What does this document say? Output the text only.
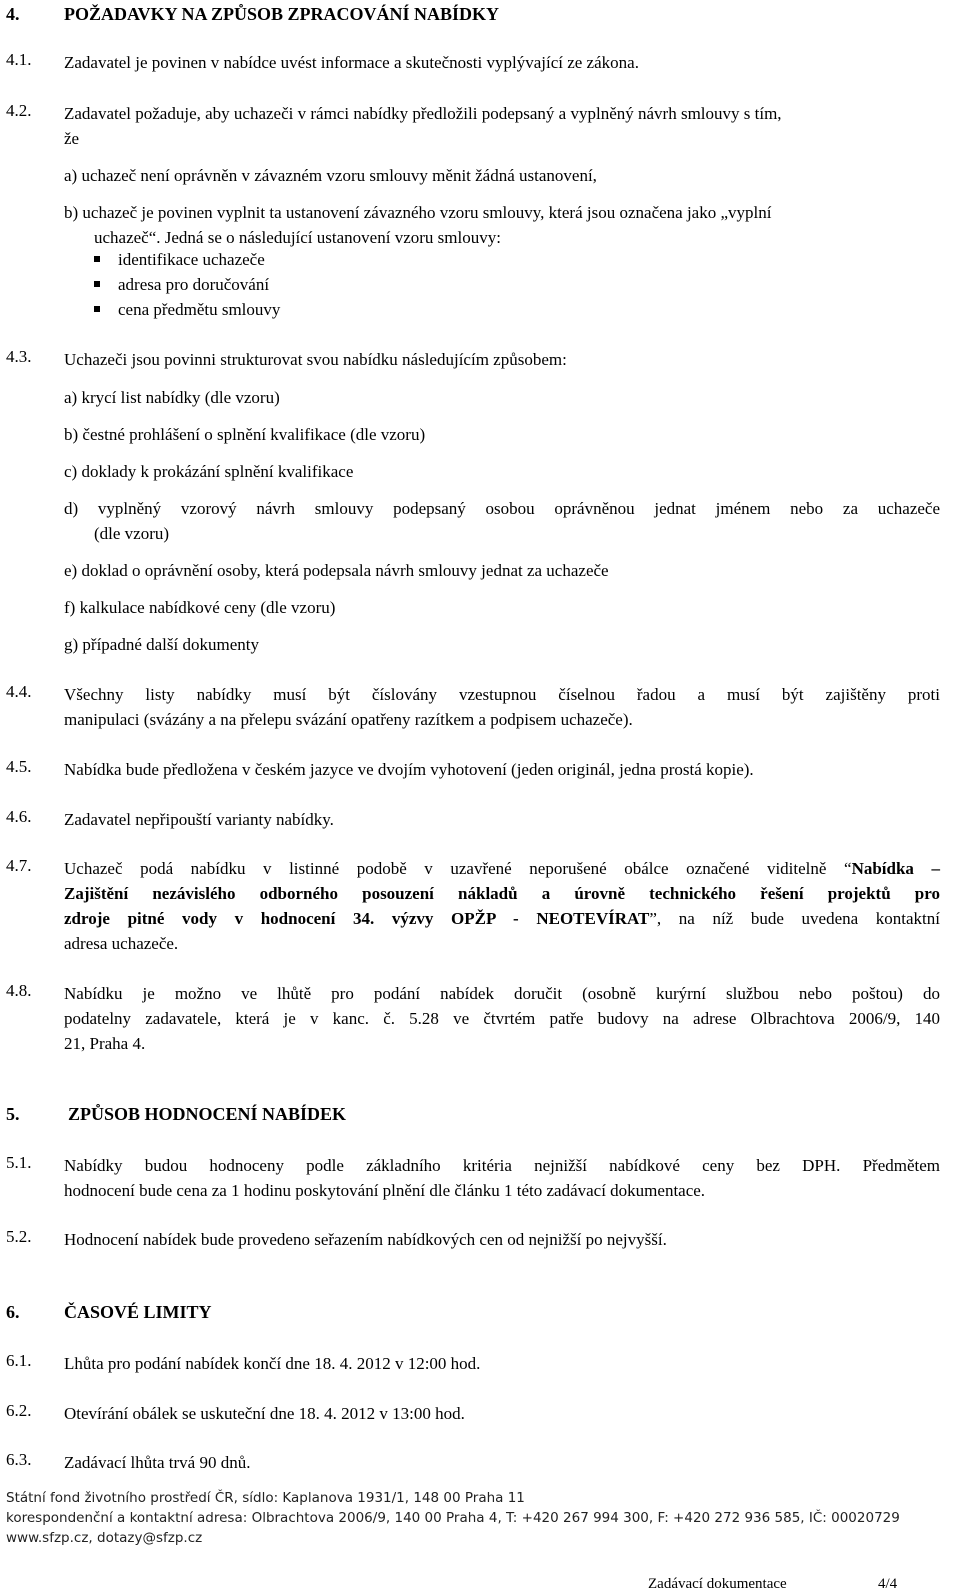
4. POŽADAVKY NA ZPŮSOB ZPRACOVÁNÍ NABÍDKY
4.1. Zadavatel je povinen v nabídce uvést informace a skutečnosti vyplývající ze zákona.
4.2. Zadavatel požaduje, aby uchazeči v rámci nabídky předložili podepsaný a vyplněný návrh smlouvy s tím,
že
a) uchazeč není oprávněn v závazném vzoru smlouvy měnit žádná ustanovení,
b) uchazeč je povinen vyplnit ta ustanovení závazného vzoru smlouvy, která jsou označena jako „vyplní
uchazeč“. Jedná se o následující ustanovení vzoru smlouvy:
identifikace uchazeče
adresa pro doručování
cena předmětu smlouvy
4.3. Uchazeči jsou povinni strukturovat svou nabídku následujícím způsobem:
a) krycí list nabídky (dle vzoru)
b) čestné prohlášení o splnění kvalifikace (dle vzoru)
c) doklady k prokázání splnění kvalifikace
d) vyplněný vzorový návrh smlouvy podepsaný osobou oprávněnou jednat jménem nebo za uchazeče
(dle vzoru)
e) doklad o oprávnění osoby, která podepsala návrh smlouvy jednat za uchazeče
f) kalkulace nabídkové ceny (dle vzoru)
g) případné další dokumenty
4.4. Všechny listy nabídky musí být číslovány vzestupnou číselnou řadou a musí být zajištěny proti
manipulaci (svázány a na přelepu svázání opatřeny razítkem a podpisem uchazeče).
4.5. Nabídka bude předložena v českém jazyce ve dvojím vyhotovení (jeden originál, jedna prostá kopie).
4.6. Zadavatel nepřipouští varianty nabídky.
4.7. Uchazeč podá nabídku v listinné podobě v uzavřené neporušené obálce označené viditelně “Nabídka –
Zajištění nezávislého odborného posouzení nákladů a úrovně technického řešení projektů pro
zdroje pitné vody v hodnocení 34. výzvy OPŽP - NEOTEVÍRAT”, na níž bude uvedena kontaktní
adresa uchazeče.
4.8. Nabídku je možno ve lhůtě pro podání nabídek doručit (osobně kurýrní službou nebo poštou) do
podatelny zadavatele, která je v kanc. č. 5.28 ve čtvrtém patře budovy na adrese Olbrachtova 2006/9, 140
21, Praha 4.
5.	ZPŮSOB HODNOCENÍ NABÍDEK
5.1. Nabídky budou hodnoceny podle základního kritéria nejnižší nabídkové ceny bez DPH. Předmětem
hodnocení bude cena za 1 hodinu poskytování plnění dle článku 1 této zadávací dokumentace.
5.2. Hodnocení nabídek bude provedeno seřazením nabídkových cen od nejnižší po nejvyšší.
6. ČASOVÉ LIMITY
6.1. Lhůta pro podání nabídek končí dne 18. 4. 2012 v 12:00 hod.
6.2. Otevírání obálek se uskuteční dne 18. 4. 2012 v 13:00 hod.
6.3. Zadávací lhůta trvá 90 dnů.
Státní fond životního prostředí ČR, sídlo: Kaplanova 1931/1, 148 00 Praha 11
korespondenční a kontaktní adresa: Olbrachtova 2006/9, 140 00 Praha 4, T: +420 267 994 300, F: +420 272 936 585, IČ: 00020729
www.sfzp.cz, dotazy@sfzp.cz
Zadávací dokumentace	4/4
